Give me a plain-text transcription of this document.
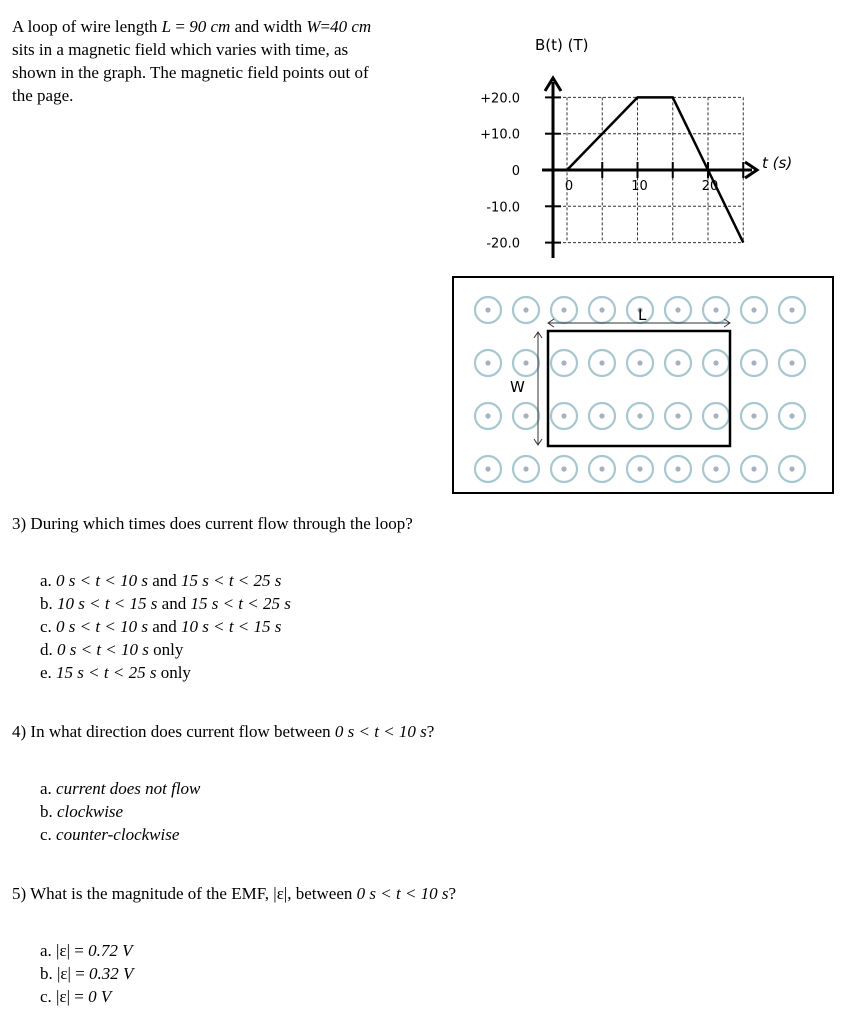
A loop of wire length L = 90 cm and width W=40 cm
sits in a magnetic field which varies with time, as
shown in the graph. The magnetic field points out of
the page.	+20.0
+10.0
0
-10.0
-20.0
0	10	20
B(t) (T)
t (s)
L
W
3) During which times does current flow through the loop?
a. 0 s < t < 10 s and 15 s < t < 25 s
b. 10 s < t < 15 s and 15 s < t < 25 s
c. 0 s < t < 10 s and 10 s < t < 15 s
d. 0 s < t < 10 s only
e. 15 s < t < 25 s only
4) In what direction does current flow between 0 s < t < 10 s?
a. current does not flow
b. clockwise
c. counter-clockwise
5) What is the magnitude of the EMF, |ε|, between 0 s < t < 10 s?
a. |ε| = 0.72 V
b. |ε| = 0.32 V
c. |ε| = 0 V
